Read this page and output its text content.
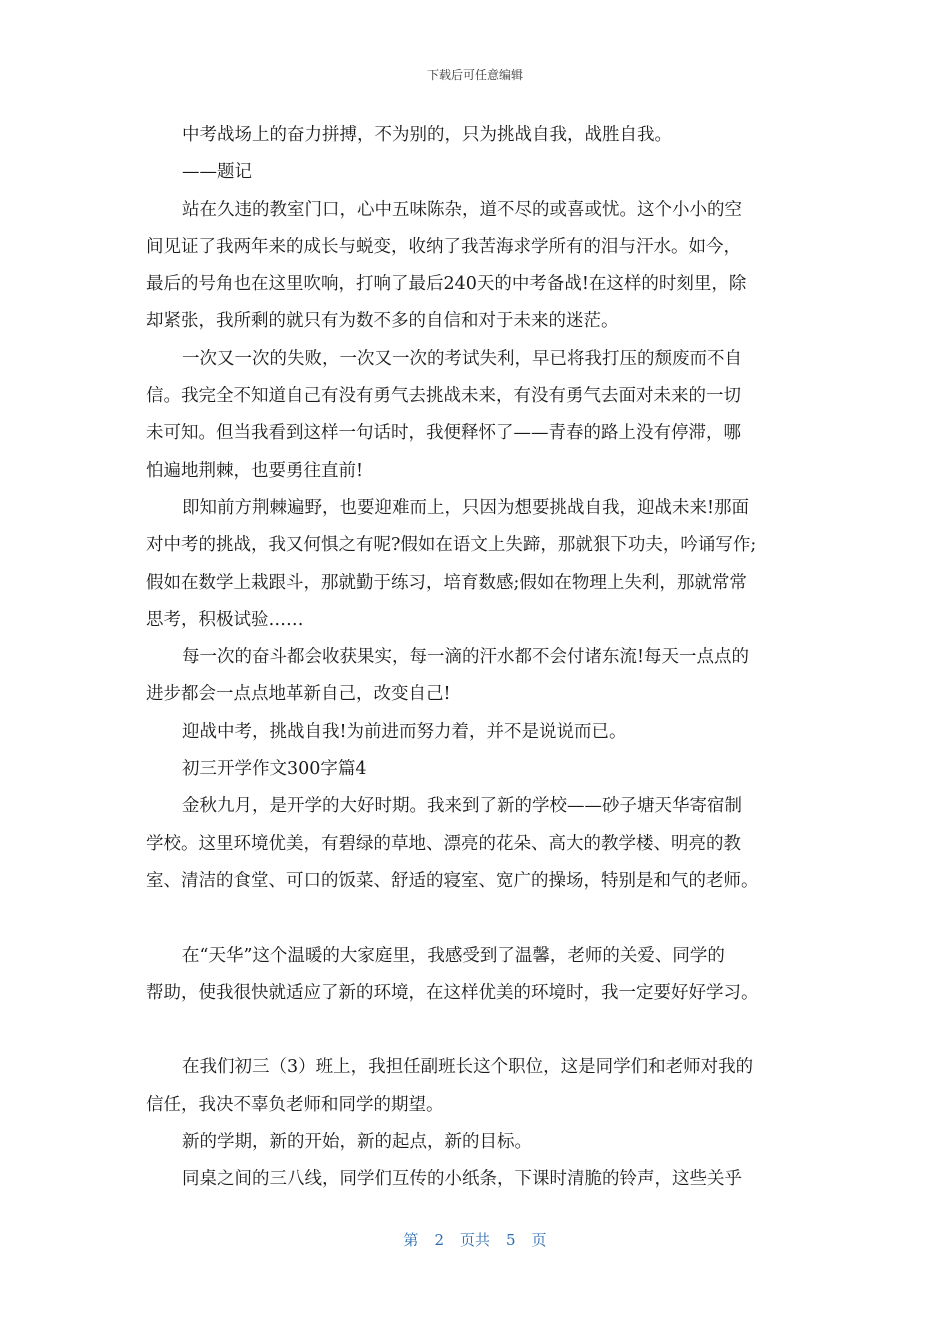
下载后可任意编辑
中考战场上的奋力拼搏，不为别的，只为挑战自我，战胜自我。
——题记
站在久违的教室门口，心中五味陈杂，道不尽的或喜或忧。这个小小的空
间见证了我两年来的成长与蜕变，收纳了我苦海求学所有的泪与汗水。如今，
最后的号角也在这里吹响，打响了最后240天的中考备战!在这样的时刻里，除
却紧张，我所剩的就只有为数不多的自信和对于未来的迷茫。
一次又一次的失败，一次又一次的考试失利，早已将我打压的颓废而不自
信。我完全不知道自己有没有勇气去挑战未来，有没有勇气去面对未来的一切
未可知。但当我看到这样一句话时，我便释怀了——青春的路上没有停滞，哪
怕遍地荆棘，也要勇往直前!
即知前方荆棘遍野，也要迎难而上，只因为想要挑战自我，迎战未来!那面
对中考的挑战，我又何惧之有呢?假如在语文上失蹄，那就狠下功夫，吟诵写作;
假如在数学上栽跟斗，那就勤于练习，培育数感;假如在物理上失利，那就常常
思考，积极试验……
每一次的奋斗都会收获果实，每一滴的汗水都不会付诸东流!每天一点点的
进步都会一点点地革新自己，改变自己!
迎战中考，挑战自我!为前进而努力着，并不是说说而已。
初三开学作文300字篇4
金秋九月，是开学的大好时期。我来到了新的学校——砂子塘天华寄宿制
学校。这里环境优美，有碧绿的草地、漂亮的花朵、高大的教学楼、明亮的教
室、清洁的食堂、可口的饭菜、舒适的寝室、宽广的操场，特别是和气的老师。
在“天华”这个温暖的大家庭里，我感受到了温馨，老师的关爱、同学的
帮助，使我很快就适应了新的环境，在这样优美的环境时，我一定要好好学习。
在我们初三（3）班上，我担任副班长这个职位，这是同学们和老师对我的
信任，我决不辜负老师和同学的期望。
新的学期，新的开始，新的起点，新的目标。
同桌之间的三八线，同学们互传的小纸条，下课时清脆的铃声，这些关乎
第 2 页共 5 页
